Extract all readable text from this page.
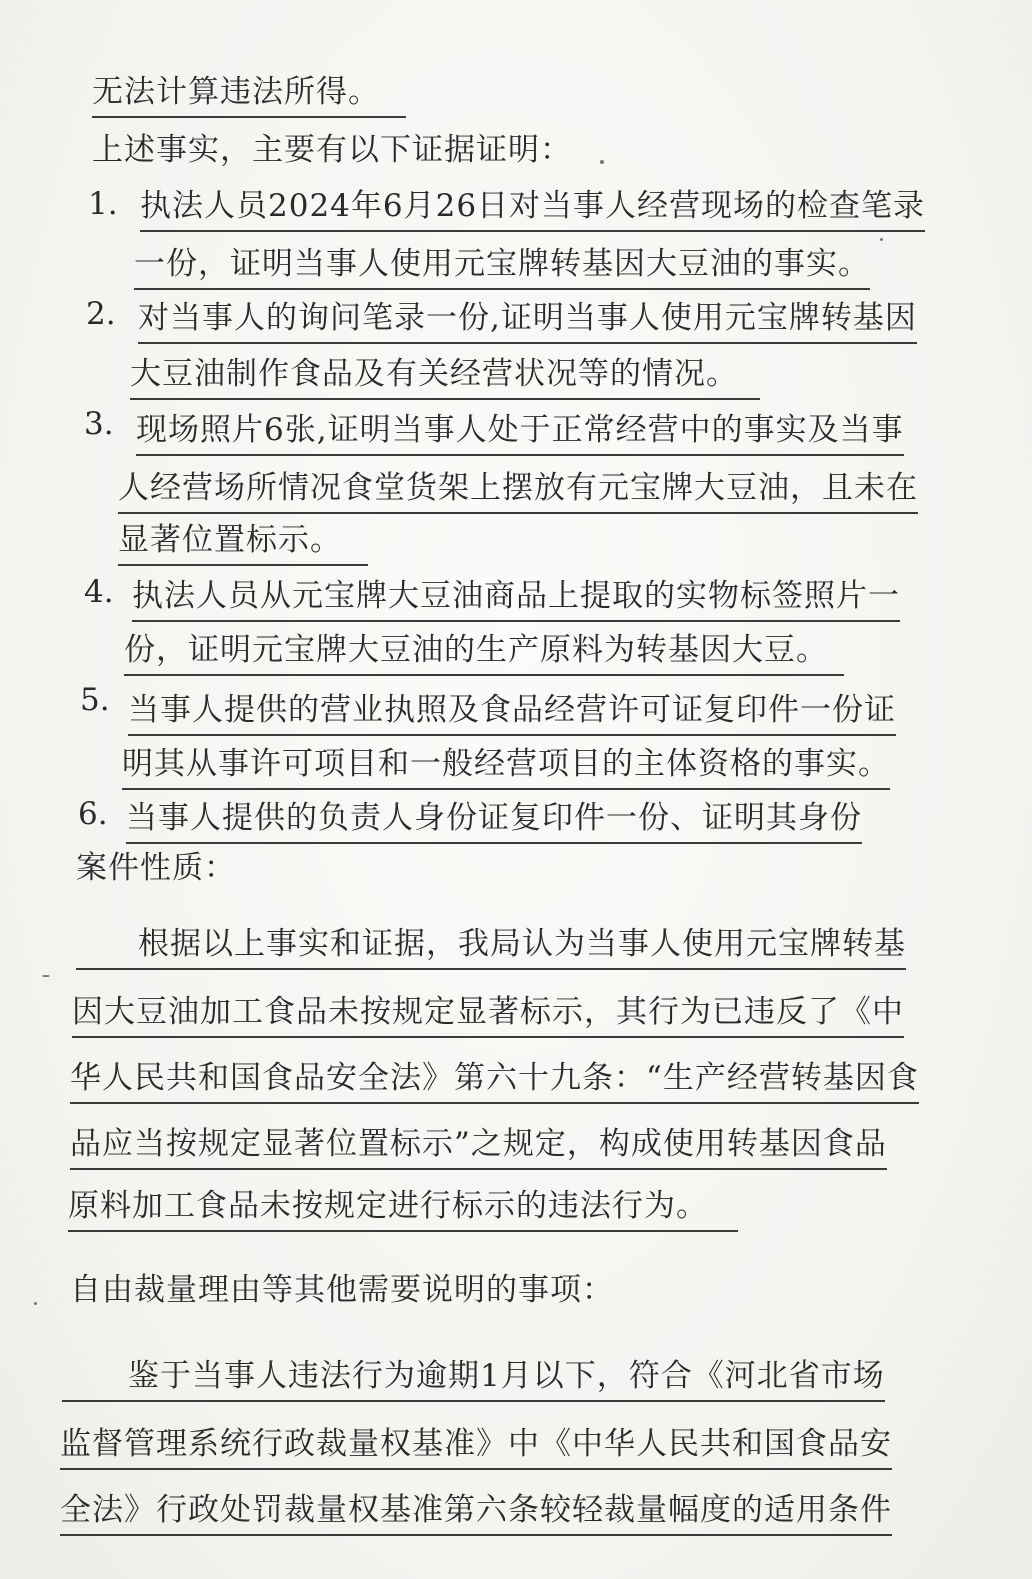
无法计算违法所得。
上述事实，主要有以下证据证明：
1. 执法人员2024年6月26日对当事人经营现场的检查笔录
一份，证明当事人使用元宝牌转基因大豆油的事实。
2. 对当事人的询问笔录一份,证明当事人使用元宝牌转基因
大豆油制作食品及有关经营状况等的情况。
3. 现场照片6张,证明当事人处于正常经营中的事实及当事
人经营场所情况食堂货架上摆放有元宝牌大豆油，且未在
显著位置标示。
4. 执法人员从元宝牌大豆油商品上提取的实物标签照片一
份，证明元宝牌大豆油的生产原料为转基因大豆。
5. 当事人提供的营业执照及食品经营许可证复印件一份证
明其从事许可项目和一般经营项目的主体资格的事实。
6. 当事人提供的负责人身份证复印件一份、证明其身份
案件性质：
根据以上事实和证据，我局认为当事人使用元宝牌转基
因大豆油加工食品未按规定显著标示，其行为已违反了《中
华人民共和国食品安全法》第六十九条：“生产经营转基因食
品应当按规定显著位置标示”之规定，构成使用转基因食品
原料加工食品未按规定进行标示的违法行为。
自由裁量理由等其他需要说明的事项：
鉴于当事人违法行为逾期1月以下，符合《河北省市场
监督管理系统行政裁量权基准》中《中华人民共和国食品安
全法》行政处罚裁量权基准第六条较轻裁量幅度的适用条件
